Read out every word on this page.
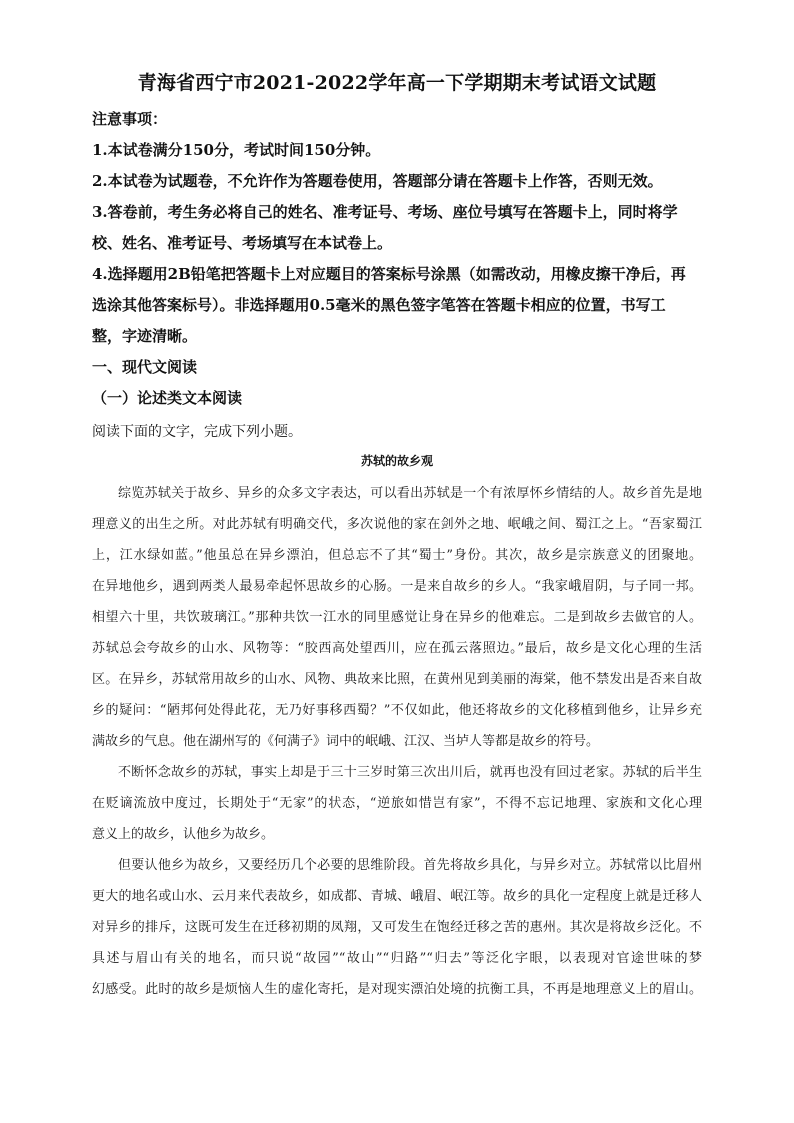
青海省西宁市2021-2022学年高一下学期期末考试语文试题
注意事项：
1.本试卷满分150分，考试时间150分钟。
2.本试卷为试题卷，不允许作为答题卷使用，答题部分请在答题卡上作答，否则无效。
3.答卷前，考生务必将自己的姓名、准考证号、考场、座位号填写在答题卡上，同时将学
校、姓名、准考证号、考场填写在本试卷上。
4.选择题用2B铅笔把答题卡上对应题目的答案标号涂黑（如需改动，用橡皮擦干净后，再
选涂其他答案标号）。非选择题用0.5毫米的黑色签字笔答在答题卡相应的位置，书写工
整，字迹清晰。
一、现代文阅读
（一）论述类文本阅读
阅读下面的文字，完成下列小题。
苏轼的故乡观
综览苏轼关于故乡、异乡的众多文字表达，可以看出苏轼是一个有浓厚怀乡情结的人。故乡首先是地
理意义的出生之所。对此苏轼有明确交代，多次说他的家在剑外之地、岷峨之间、蜀江之上。“吾家蜀江
上，江水绿如蓝。”他虽总在异乡漂泊，但总忘不了其“蜀士”身份。其次，故乡是宗族意义的团聚地。
在异地他乡，遇到两类人最易牵起怀思故乡的心肠。一是来自故乡的乡人。“我家峨眉阴，与子同一邦。
相望六十里，共饮玻璃江。”那种共饮一江水的同里感觉让身在异乡的他难忘。二是到故乡去做官的人。
苏轼总会夸故乡的山水、风物等：“胶西高处望西川，应在孤云落照边。”最后，故乡是文化心理的生活
区。在异乡，苏轼常用故乡的山水、风物、典故来比照，在黄州见到美丽的海棠，他不禁发出是否来自故
乡的疑问：“陋邦何处得此花，无乃好事移西蜀？”不仅如此，他还将故乡的文化移植到他乡，让异乡充
满故乡的气息。他在湖州写的《何满子》词中的岷峨、江汉、当垆人等都是故乡的符号。
不断怀念故乡的苏轼，事实上却是于三十三岁时第三次出川后，就再也没有回过老家。苏轼的后半生
在贬谪流放中度过，长期处于“无家”的状态，“逆旅如惜岂有家”，不得不忘记地理、家族和文化心理
意义上的故乡，认他乡为故乡。
但要认他乡为故乡，又要经历几个必要的思维阶段。首先将故乡具化，与异乡对立。苏轼常以比眉州
更大的地名或山水、云月来代表故乡，如成都、青城、峨眉、岷江等。故乡的具化一定程度上就是迁移人
对异乡的排斥，这既可发生在迁移初期的凤翔，又可发生在饱经迁移之苦的惠州。其次是将故乡泛化。不
具述与眉山有关的地名，而只说“故园”“故山”“归路”“归去”等泛化字眼，以表现对官途世味的梦
幻感受。此时的故乡是烦恼人生的虚化寄托，是对现实漂泊处境的抗衡工具，不再是地理意义上的眉山。
